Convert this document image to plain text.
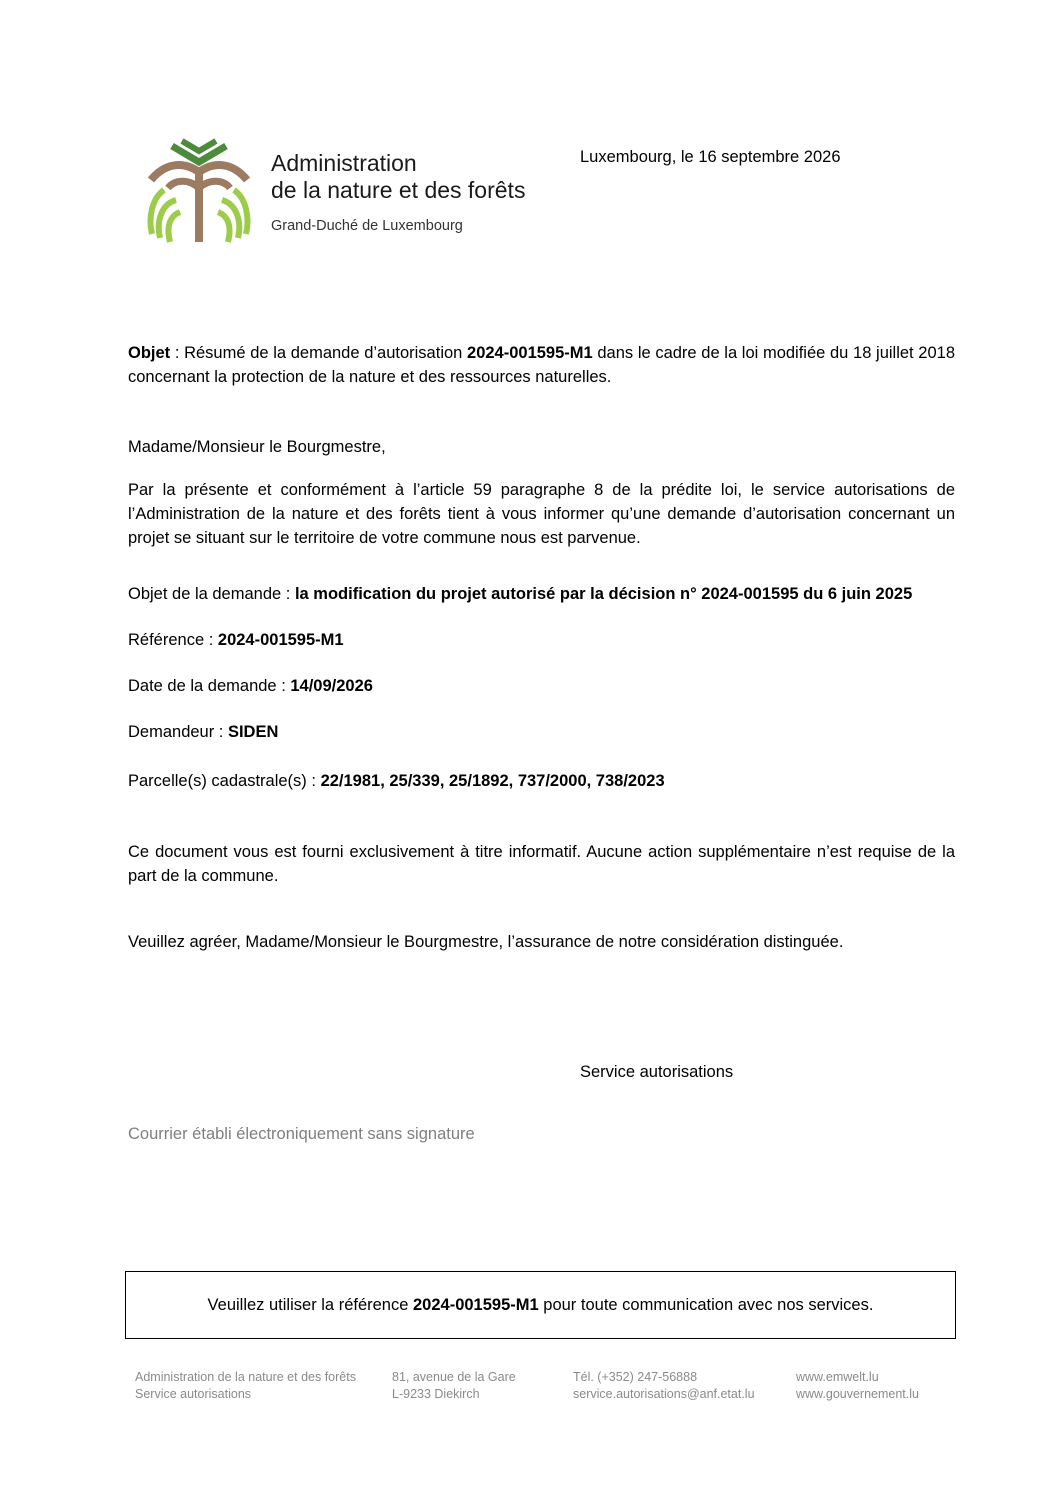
Administration
de la nature et des forêts
Grand-Duché de Luxembourg
Luxembourg, le 16 septembre 2026
Objet : Résumé de la demande d’autorisation 2024-001595-M1 dans le cadre de la loi modifiée du 18 juillet 2018 concernant la protection de la nature et des ressources naturelles.
Madame/Monsieur le Bourgmestre,
Par la présente et conformément à l’article 59 paragraphe 8 de la prédite loi, le service autorisations de l’Administration de la nature et des forêts tient à vous informer qu’une demande d’autorisation concernant un projet se situant sur le territoire de votre commune nous est parvenue.
Objet de la demande : la modification du projet autorisé par la décision n° 2024-001595 du 6 juin 2025
Référence : 2024-001595-M1
Date de la demande : 14/09/2026
Demandeur : SIDEN
Parcelle(s) cadastrale(s) : 22/1981, 25/339, 25/1892, 737/2000, 738/2023
Ce document vous est fourni exclusivement à titre informatif. Aucune action supplémentaire n’est requise de la part de la commune.
Veuillez agréer, Madame/Monsieur le Bourgmestre, l’assurance de notre considération distinguée.
Service autorisations
Courrier établi électroniquement sans signature
Veuillez utiliser la référence
2024-001595-M1
pour toute communication avec nos services.
Administration de la nature et des forêts
Service autorisations
81, avenue de la Gare
L-9233 Diekirch
Tél. (+352) 247-56888
service.autorisations@anf.etat.lu
www.emwelt.lu
www.gouvernement.lu
